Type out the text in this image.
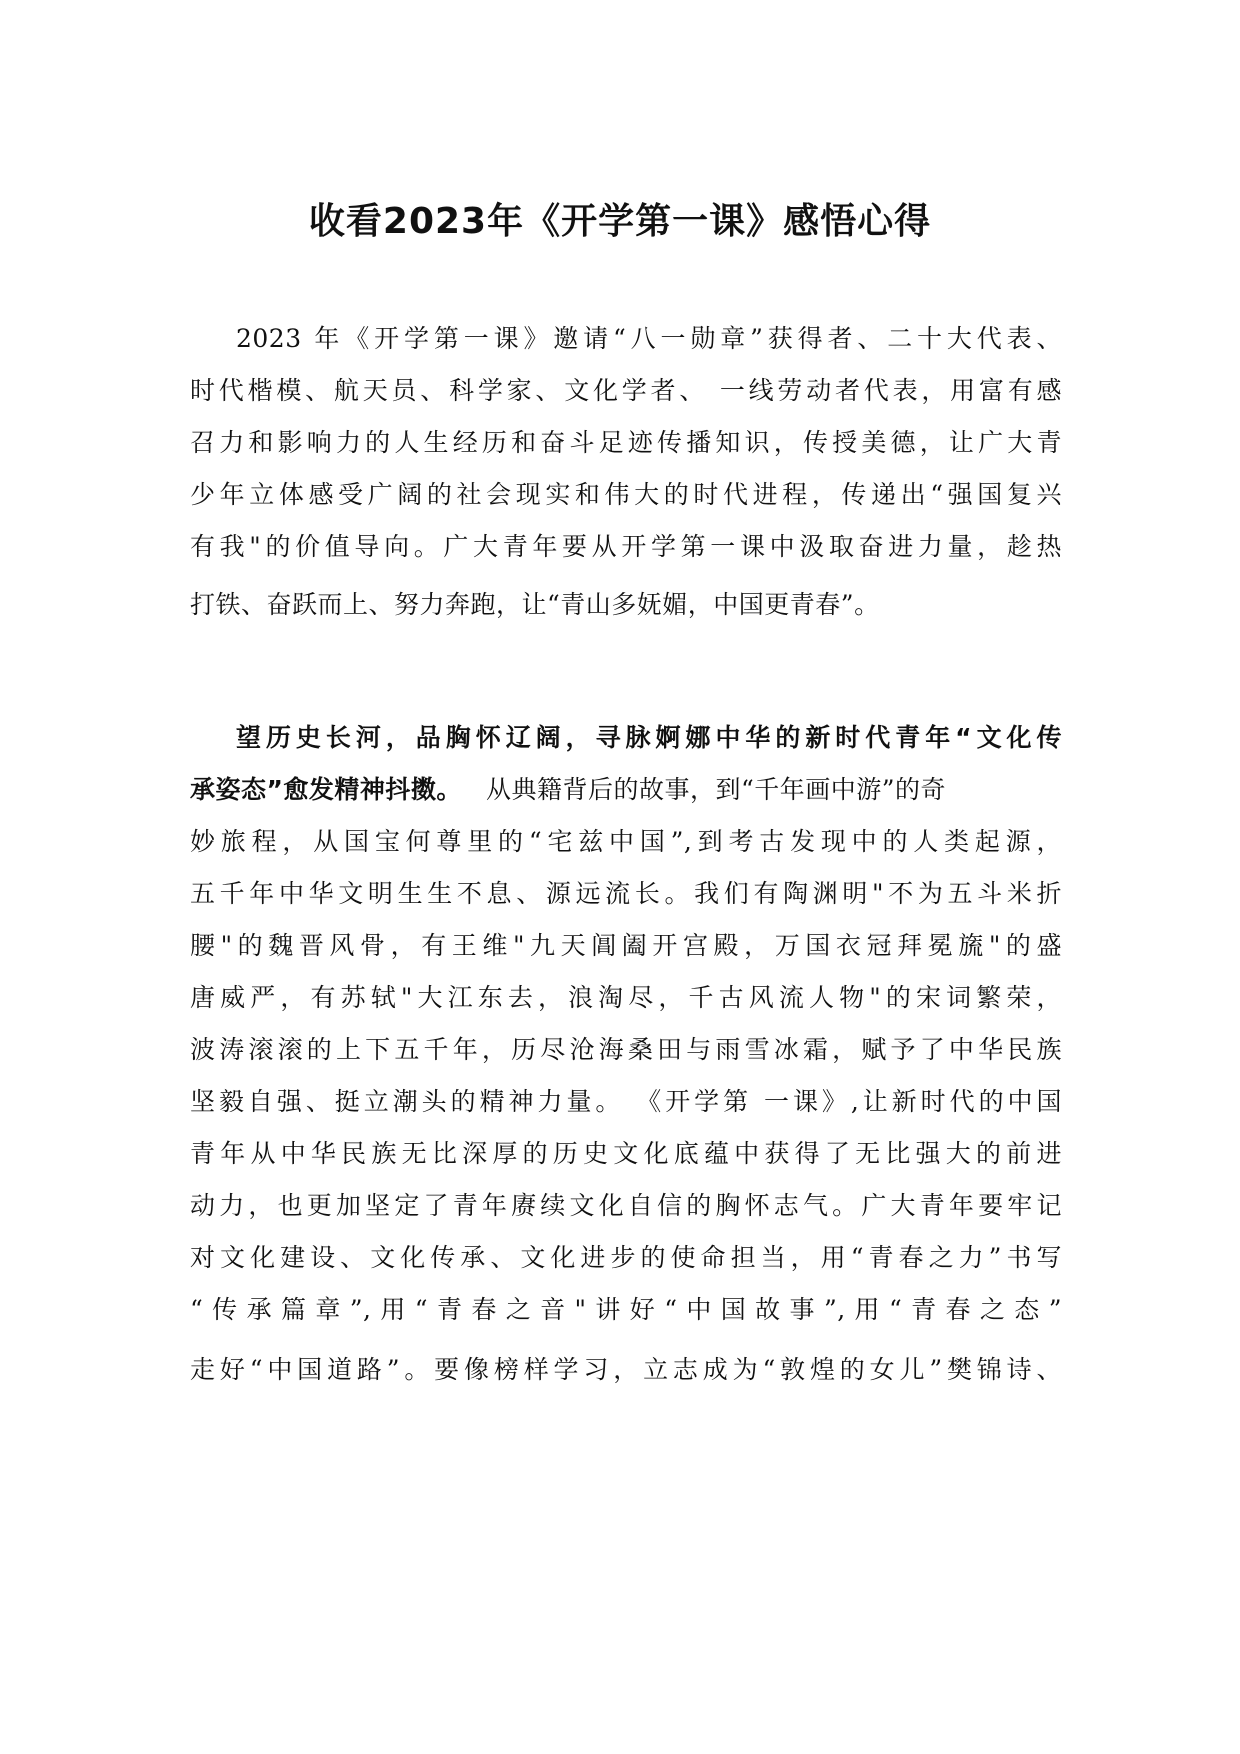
收看2023年《开学第一课》感悟心得

2023 年《开学第一课》邀请“八一勋章”获得者、二十大代表、

时代楷模、航天员、科学家、文化学者、 一线劳动者代表，用富有感

召力和影响力的人生经历和奋斗足迹传播知识，传授美德，让广大青

少年立体感受广阔的社会现实和伟大的时代进程，传递出“强国复兴

有我"的价值导向。广大青年要从开学第一课中汲取奋进力量，趁热

打铁、奋跃而上、努力奔跑，让“青山多妩媚，中国更青春”。

望历史长河，品胸怀辽阔，寻脉婀娜中华的新时代青年“文化传

承姿态”愈发精神抖擞。 从典籍背后的故事，到“千年画中游”的奇

妙旅程，从国宝何尊里的“宅兹中国”,到考古发现中的人类起源，

五千年中华文明生生不息、源远流长。我们有陶渊明"不为五斗米折

腰"的魏晋风骨，有王维"九天阊阖开宫殿，万国衣冠拜冕旒"的盛

唐威严，有苏轼"大江东去，浪淘尽，千古风流人物"的宋词繁荣，

波涛滚滚的上下五千年，历尽沧海桑田与雨雪冰霜，赋予了中华民族

坚毅自强、挺立潮头的精神力量。 《开学第 一课》,让新时代的中国

青年从中华民族无比深厚的历史文化底蕴中获得了无比强大的前进

动力，也更加坚定了青年赓续文化自信的胸怀志气。广大青年要牢记

对文化建设、文化传承、文化进步的使命担当，用“青春之力”书写

“传承篇章”,用“青春之音"讲好“中国故事”,用“青春之态”

走好“中国道路”。要像榜样学习，立志成为“敦煌的女儿”樊锦诗、
